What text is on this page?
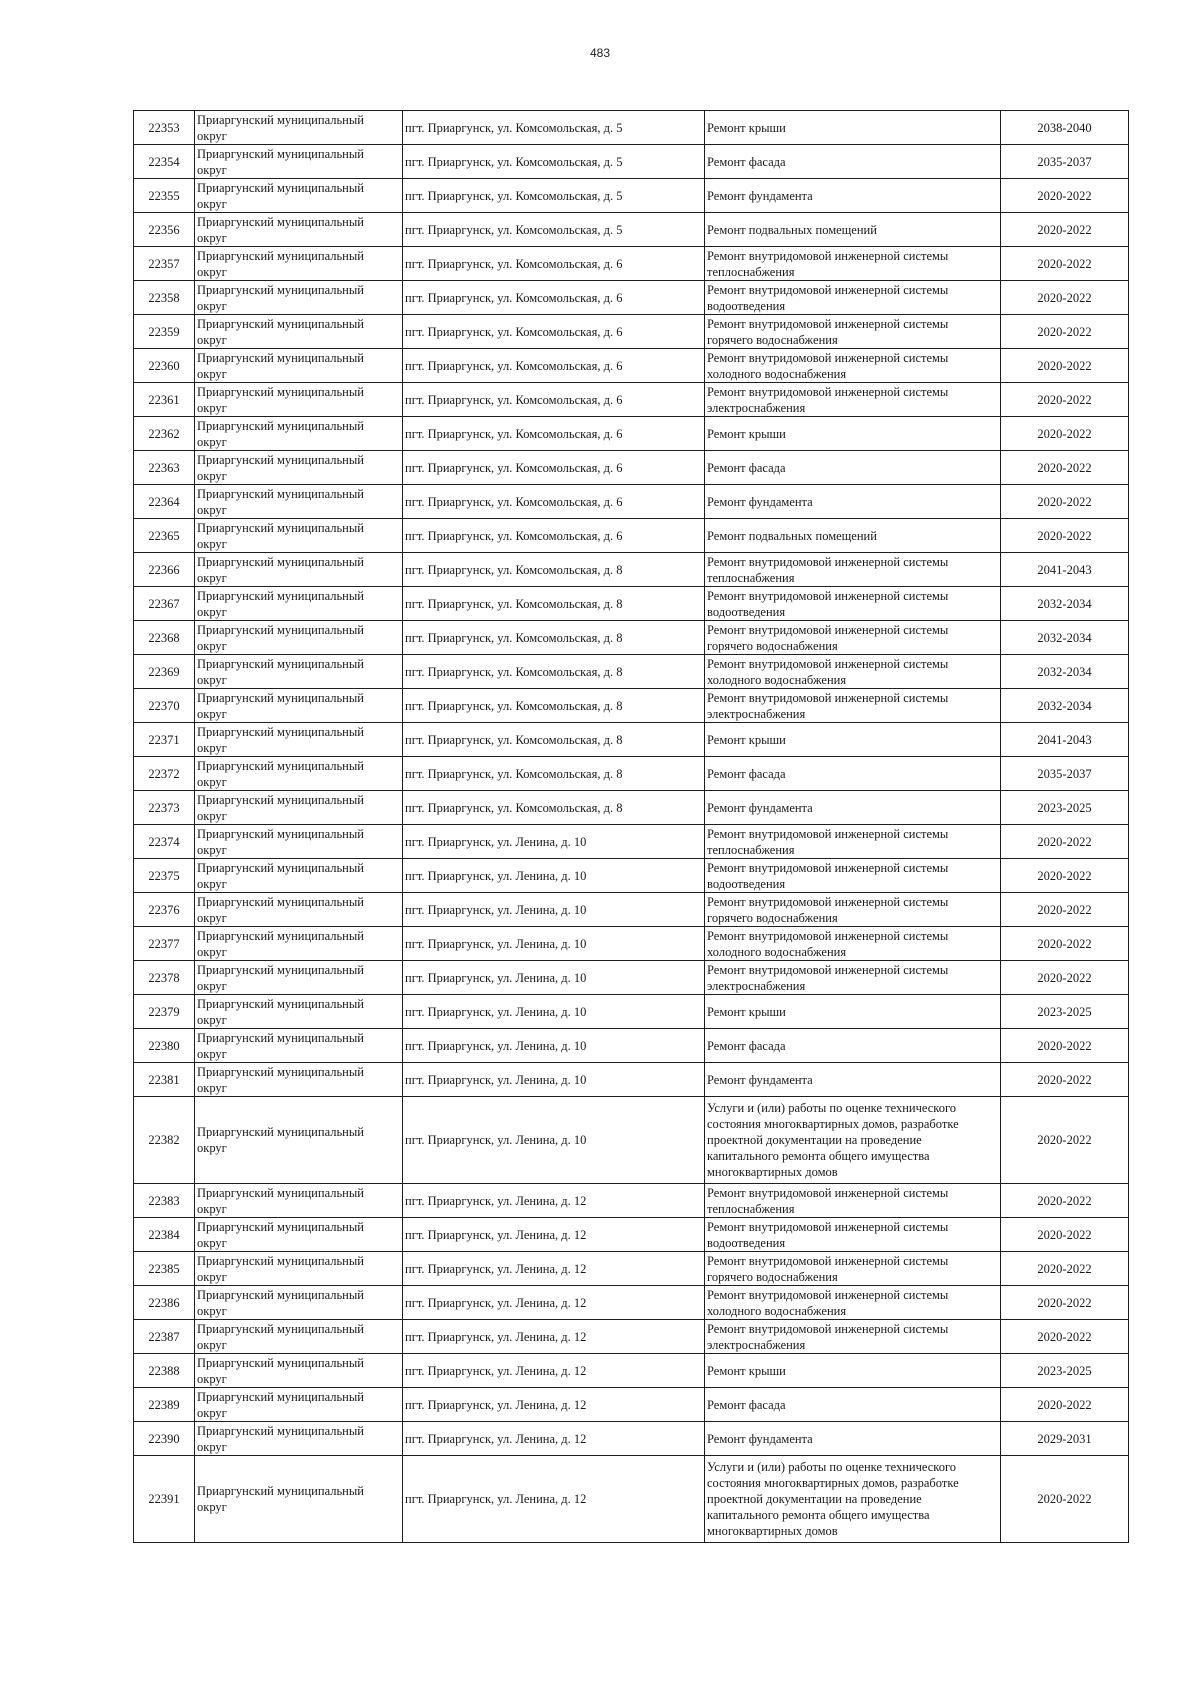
483
22353	Приаргунский муниципальный
округ	пгт. Приаргунск, ул. Комсомольская, д. 5	Ремонт крыши	2038-2040

22354	Приаргунский муниципальный
округ	пгт. Приаргунск, ул. Комсомольская, д. 5	Ремонт фасада	2035-2037

22355	Приаргунский муниципальный
округ	пгт. Приаргунск, ул. Комсомольская, д. 5	Ремонт фундамента	2020-2022

22356	Приаргунский муниципальный
округ	пгт. Приаргунск, ул. Комсомольская, д. 5	Ремонт подвальных помещений	2020-2022

22357	Приаргунский муниципальный
округ	пгт. Приаргунск, ул. Комсомольская, д. 6	Ремонт внутридомовой инженерной системы
теплоснабжения	2020-2022

22358	Приаргунский муниципальный
округ	пгт. Приаргунск, ул. Комсомольская, д. 6	Ремонт внутридомовой инженерной системы
водоотведения	2020-2022

22359	Приаргунский муниципальный
округ	пгт. Приаргунск, ул. Комсомольская, д. 6	Ремонт внутридомовой инженерной системы
горячего водоснабжения	2020-2022

22360	Приаргунский муниципальный
округ	пгт. Приаргунск, ул. Комсомольская, д. 6	Ремонт внутридомовой инженерной системы
холодного водоснабжения	2020-2022

22361	Приаргунский муниципальный
округ	пгт. Приаргунск, ул. Комсомольская, д. 6	Ремонт внутридомовой инженерной системы
электроснабжения	2020-2022

22362	Приаргунский муниципальный
округ	пгт. Приаргунск, ул. Комсомольская, д. 6	Ремонт крыши	2020-2022

22363	Приаргунский муниципальный
округ	пгт. Приаргунск, ул. Комсомольская, д. 6	Ремонт фасада	2020-2022

22364	Приаргунский муниципальный
округ	пгт. Приаргунск, ул. Комсомольская, д. 6	Ремонт фундамента	2020-2022

22365	Приаргунский муниципальный
округ	пгт. Приаргунск, ул. Комсомольская, д. 6	Ремонт подвальных помещений	2020-2022

22366	Приаргунский муниципальный
округ	пгт. Приаргунск, ул. Комсомольская, д. 8	Ремонт внутридомовой инженерной системы
теплоснабжения	2041-2043

22367	Приаргунский муниципальный
округ	пгт. Приаргунск, ул. Комсомольская, д. 8	Ремонт внутридомовой инженерной системы
водоотведения	2032-2034

22368	Приаргунский муниципальный
округ	пгт. Приаргунск, ул. Комсомольская, д. 8	Ремонт внутридомовой инженерной системы
горячего водоснабжения	2032-2034

22369	Приаргунский муниципальный
округ	пгт. Приаргунск, ул. Комсомольская, д. 8	Ремонт внутридомовой инженерной системы
холодного водоснабжения	2032-2034

22370	Приаргунский муниципальный
округ	пгт. Приаргунск, ул. Комсомольская, д. 8	Ремонт внутридомовой инженерной системы
электроснабжения	2032-2034

22371	Приаргунский муниципальный
округ	пгт. Приаргунск, ул. Комсомольская, д. 8	Ремонт крыши	2041-2043

22372	Приаргунский муниципальный
округ	пгт. Приаргунск, ул. Комсомольская, д. 8	Ремонт фасада	2035-2037

22373	Приаргунский муниципальный
округ	пгт. Приаргунск, ул. Комсомольская, д. 8	Ремонт фундамента	2023-2025

22374	Приаргунский муниципальный
округ	пгт. Приаргунск, ул. Ленина, д. 10	Ремонт внутридомовой инженерной системы
теплоснабжения	2020-2022

22375	Приаргунский муниципальный
округ	пгт. Приаргунск, ул. Ленина, д. 10	Ремонт внутридомовой инженерной системы
водоотведения	2020-2022

22376	Приаргунский муниципальный
округ	пгт. Приаргунск, ул. Ленина, д. 10	Ремонт внутридомовой инженерной системы
горячего водоснабжения	2020-2022

22377	Приаргунский муниципальный
округ	пгт. Приаргунск, ул. Ленина, д. 10	Ремонт внутридомовой инженерной системы
холодного водоснабжения	2020-2022

22378	Приаргунский муниципальный
округ	пгт. Приаргунск, ул. Ленина, д. 10	Ремонт внутридомовой инженерной системы
электроснабжения	2020-2022

22379	Приаргунский муниципальный
округ	пгт. Приаргунск, ул. Ленина, д. 10	Ремонт крыши	2023-2025

22380	Приаргунский муниципальный
округ	пгт. Приаргунск, ул. Ленина, д. 10	Ремонт фасада	2020-2022

22381	Приаргунский муниципальный
округ	пгт. Приаргунск, ул. Ленина, д. 10	Ремонт фундамента	2020-2022

22382	Приаргунский муниципальный
округ	пгт. Приаргунск, ул. Ленина, д. 10	Услуги и (или) работы по оценке технического
состояния многоквартирных домов, разработке
проектной документации на проведение
капитального ремонта общего имущества
многоквартирных домов	2020-2022

22383	Приаргунский муниципальный
округ	пгт. Приаргунск, ул. Ленина, д. 12	Ремонт внутридомовой инженерной системы
теплоснабжения	2020-2022

22384	Приаргунский муниципальный
округ	пгт. Приаргунск, ул. Ленина, д. 12	Ремонт внутридомовой инженерной системы
водоотведения	2020-2022

22385	Приаргунский муниципальный
округ	пгт. Приаргунск, ул. Ленина, д. 12	Ремонт внутридомовой инженерной системы
горячего водоснабжения	2020-2022

22386	Приаргунский муниципальный
округ	пгт. Приаргунск, ул. Ленина, д. 12	Ремонт внутридомовой инженерной системы
холодного водоснабжения	2020-2022

22387	Приаргунский муниципальный
округ	пгт. Приаргунск, ул. Ленина, д. 12	Ремонт внутридомовой инженерной системы
электроснабжения	2020-2022

22388	Приаргунский муниципальный
округ	пгт. Приаргунск, ул. Ленина, д. 12	Ремонт крыши	2023-2025

22389	Приаргунский муниципальный
округ	пгт. Приаргунск, ул. Ленина, д. 12	Ремонт фасада	2020-2022

22390	Приаргунский муниципальный
округ	пгт. Приаргунск, ул. Ленина, д. 12	Ремонт фундамента	2029-2031

22391	Приаргунский муниципальный
округ	пгт. Приаргунск, ул. Ленина, д. 12	Услуги и (или) работы по оценке технического
состояния многоквартирных домов, разработке
проектной документации на проведение
капитального ремонта общего имущества
многоквартирных домов	2020-2022
